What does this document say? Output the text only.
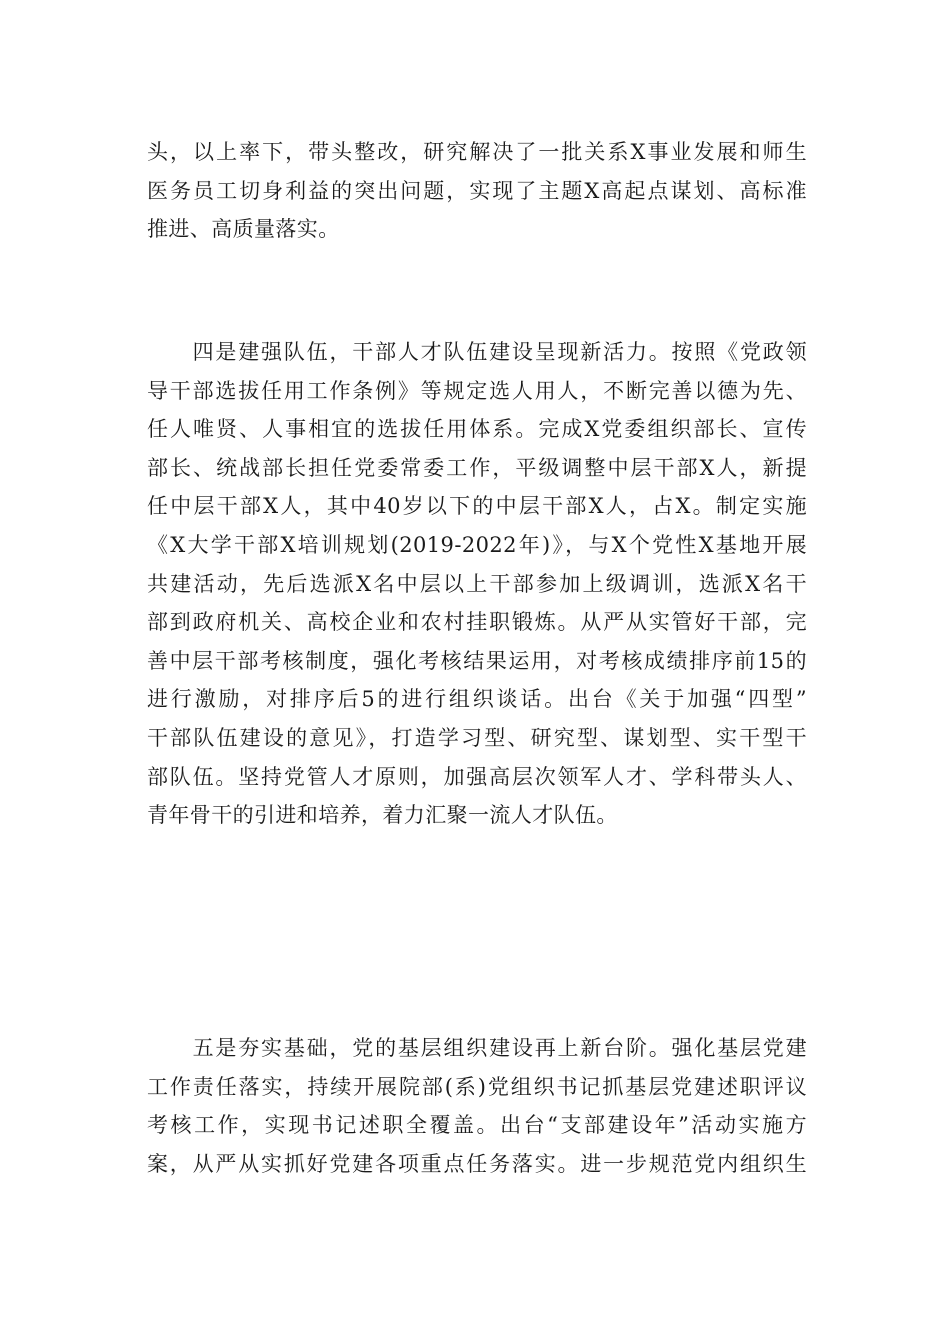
头，以上率下，带头整改，研究解决了一批关系X事业发展和师生
医务员工切身利益的突出问题，实现了主题X高起点谋划、高标准
推进、高质量落实。
　　四是建强队伍，干部人才队伍建设呈现新活力。按照《党政领
导干部选拔任用工作条例》等规定选人用人，不断完善以德为先、
任人唯贤、人事相宜的选拔任用体系。完成X党委组织部长、宣传
部长、统战部长担任党委常委工作，平级调整中层干部X人，新提
任中层干部X人，其中40岁以下的中层干部X人，占X。制定实施
《X大学干部X培训规划(2019-2022年)》，与X个党性X基地开展
共建活动，先后选派X名中层以上干部参加上级调训，选派X名干
部到政府机关、高校企业和农村挂职锻炼。从严从实管好干部，完
善中层干部考核制度，强化考核结果运用，对考核成绩排序前15的
进行激励，对排序后5的进行组织谈话。出台《关于加强“四型”
干部队伍建设的意见》，打造学习型、研究型、谋划型、实干型干
部队伍。坚持党管人才原则，加强高层次领军人才、学科带头人、
青年骨干的引进和培养，着力汇聚一流人才队伍。
　　五是夯实基础，党的基层组织建设再上新台阶。强化基层党建
工作责任落实，持续开展院部(系)党组织书记抓基层党建述职评议
考核工作，实现书记述职全覆盖。出台“支部建设年”活动实施方
案，从严从实抓好党建各项重点任务落实。进一步规范党内组织生
